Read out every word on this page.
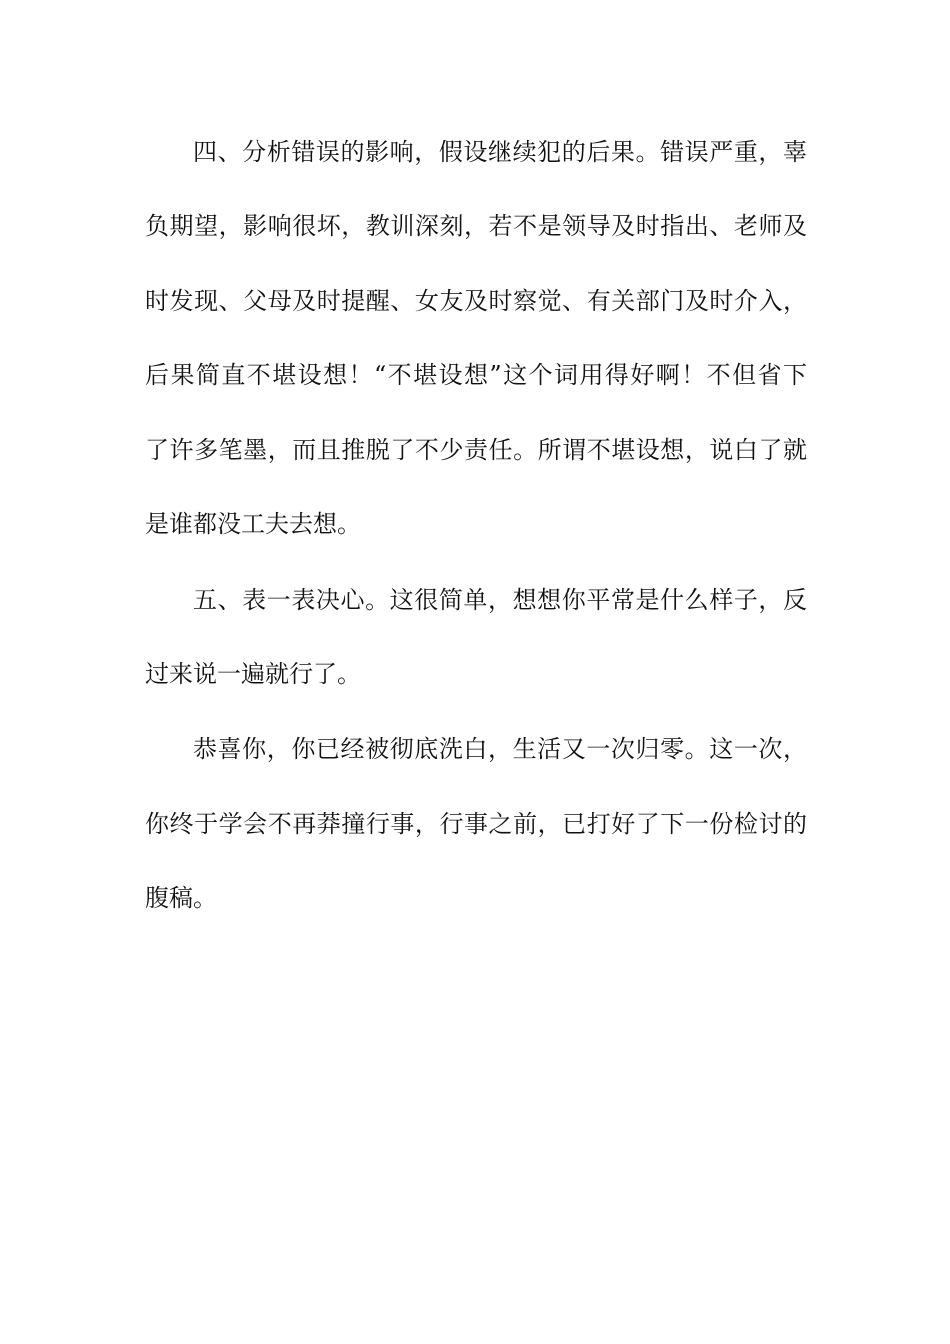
四、分析错误的影响，假设继续犯的后果。错误严重，辜
负期望，影响很坏，教训深刻，若不是领导及时指出、老师及
时发现、父母及时提醒、女友及时察觉、有关部门及时介入，
后果简直不堪设想！“不堪设想”这个词用得好啊！不但省下
了许多笔墨，而且推脱了不少责任。所谓不堪设想，说白了就
是谁都没工夫去想。
五、表一表决心。这很简单，想想你平常是什么样子，反
过来说一遍就行了。
恭喜你，你已经被彻底洗白，生活又一次归零。这一次，
你终于学会不再莽撞行事，行事之前，已打好了下一份检讨的
腹稿。
